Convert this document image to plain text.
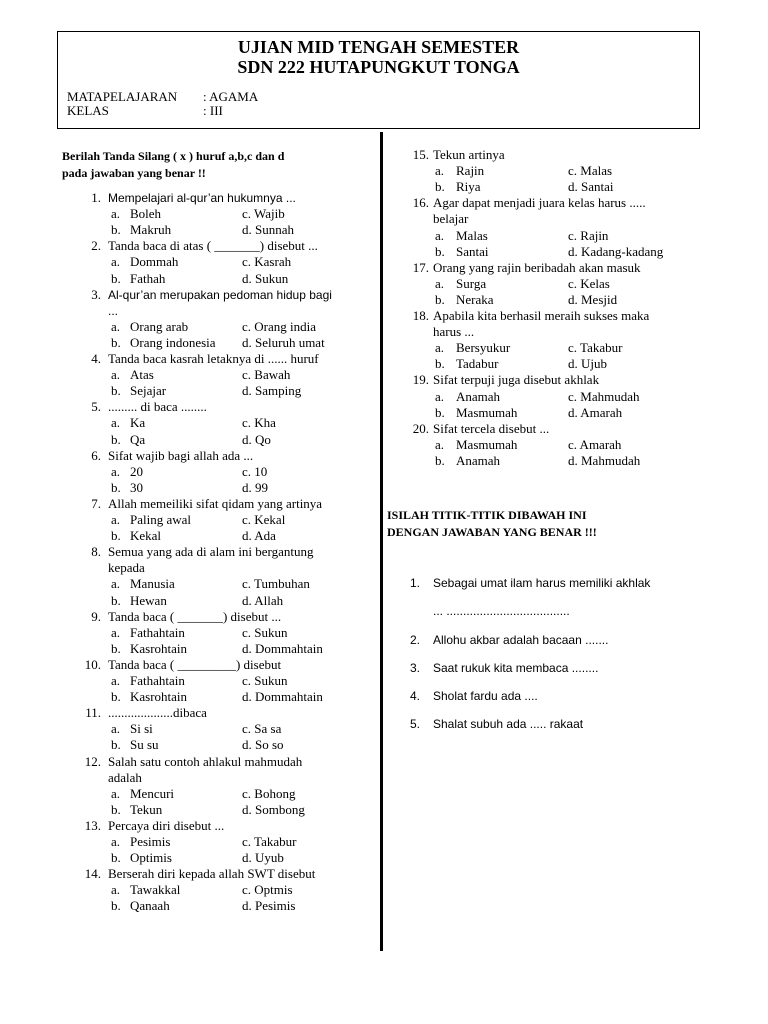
UJIAN MID TENGAH SEMESTER
SDN 222 HUTAPUNGKUT TONGA
MATAPELAJARAN : AGAMA
KELAS	: III
Berilah Tanda Silang ( x ) huruf a,b,c dan d
pada jawaban yang benar !!
1. Mempelajari al-qur’an hukumnya ...
a. Boleh	c. Wajib
b. Makruh	d. Sunnah
2. Tanda baca di atas ( _______) disebut ...
a. Dommah	c. Kasrah
b. Fathah	d. Sukun
3. Al-qur’an merupakan pedoman hidup bagi
...
a. Orang arab	c. Orang india
b. Orang indonesia d. Seluruh umat
4. Tanda baca kasrah letaknya di ...... huruf
a. Atas	c. Bawah
b. Sejajar	d. Samping
5. ......... di baca ........
a. Ka	c. Kha
b. Qa	d. Qo
6. Sifat wajib bagi allah ada ...
a. 20	c. 10
b. 30	d. 99
7. Allah memeiliki sifat qidam yang artinya
a. Paling awal	c. Kekal
b. Kekal	d. Ada
8. Semua yang ada di alam ini bergantung
kepada
a. Manusia	c. Tumbuhan
b. Hewan	d. Allah
9. Tanda baca ( _______) disebut ...
a. Fathahtain	c. Sukun
b. Kasrohtain	d. Dommahtain
10. Tanda baca ( _________) disebut
a. Fathahtain	c. Sukun
b. Kasrohtain	d. Dommahtain
11. ....................dibaca
a. Si si	c. Sa sa
b. Su su	d. So so
12. Salah satu contoh ahlakul mahmudah
adalah
a. Mencuri	c. Bohong
b. Tekun	d. Sombong
13. Percaya diri disebut ...
a. Pesimis	c. Takabur
b. Optimis	d. Uyub
14. Berserah diri kepada allah SWT disebut
a. Tawakkal	c. Optmis
b. Qanaah	d. Pesimis
15. Tekun artinya
a. Rajin	c. Malas
b. Riya	d. Santai
16. Agar dapat menjadi juara kelas harus .....
belajar
a. Malas	c. Rajin
b. Santai	d. Kadang-kadang
17. Orang yang rajin beribadah akan masuk
a. Surga	c. Kelas
b. Neraka	d. Mesjid
18. Apabila kita berhasil meraih sukses maka
harus ...
a. Bersyukur	c. Takabur
b. Tadabur	d. Ujub
19. Sifat terpuji juga disebut akhlak
a. Anamah	c. Mahmudah
b. Masmumah	d. Amarah
20. Sifat tercela disebut ...
a. Masmumah	c. Amarah
b. Anamah	d. Mahmudah
ISILAH TITIK-TITIK DIBAWAH INI
DENGAN JAWABAN YANG BENAR !!!
1. Sebagai umat ilam harus memiliki akhlak
... .....................................
2. Allohu akbar adalah bacaan .......
3. Saat rukuk kita membaca ........
4. Sholat fardu ada ....
5. Shalat subuh ada ..... rakaat
